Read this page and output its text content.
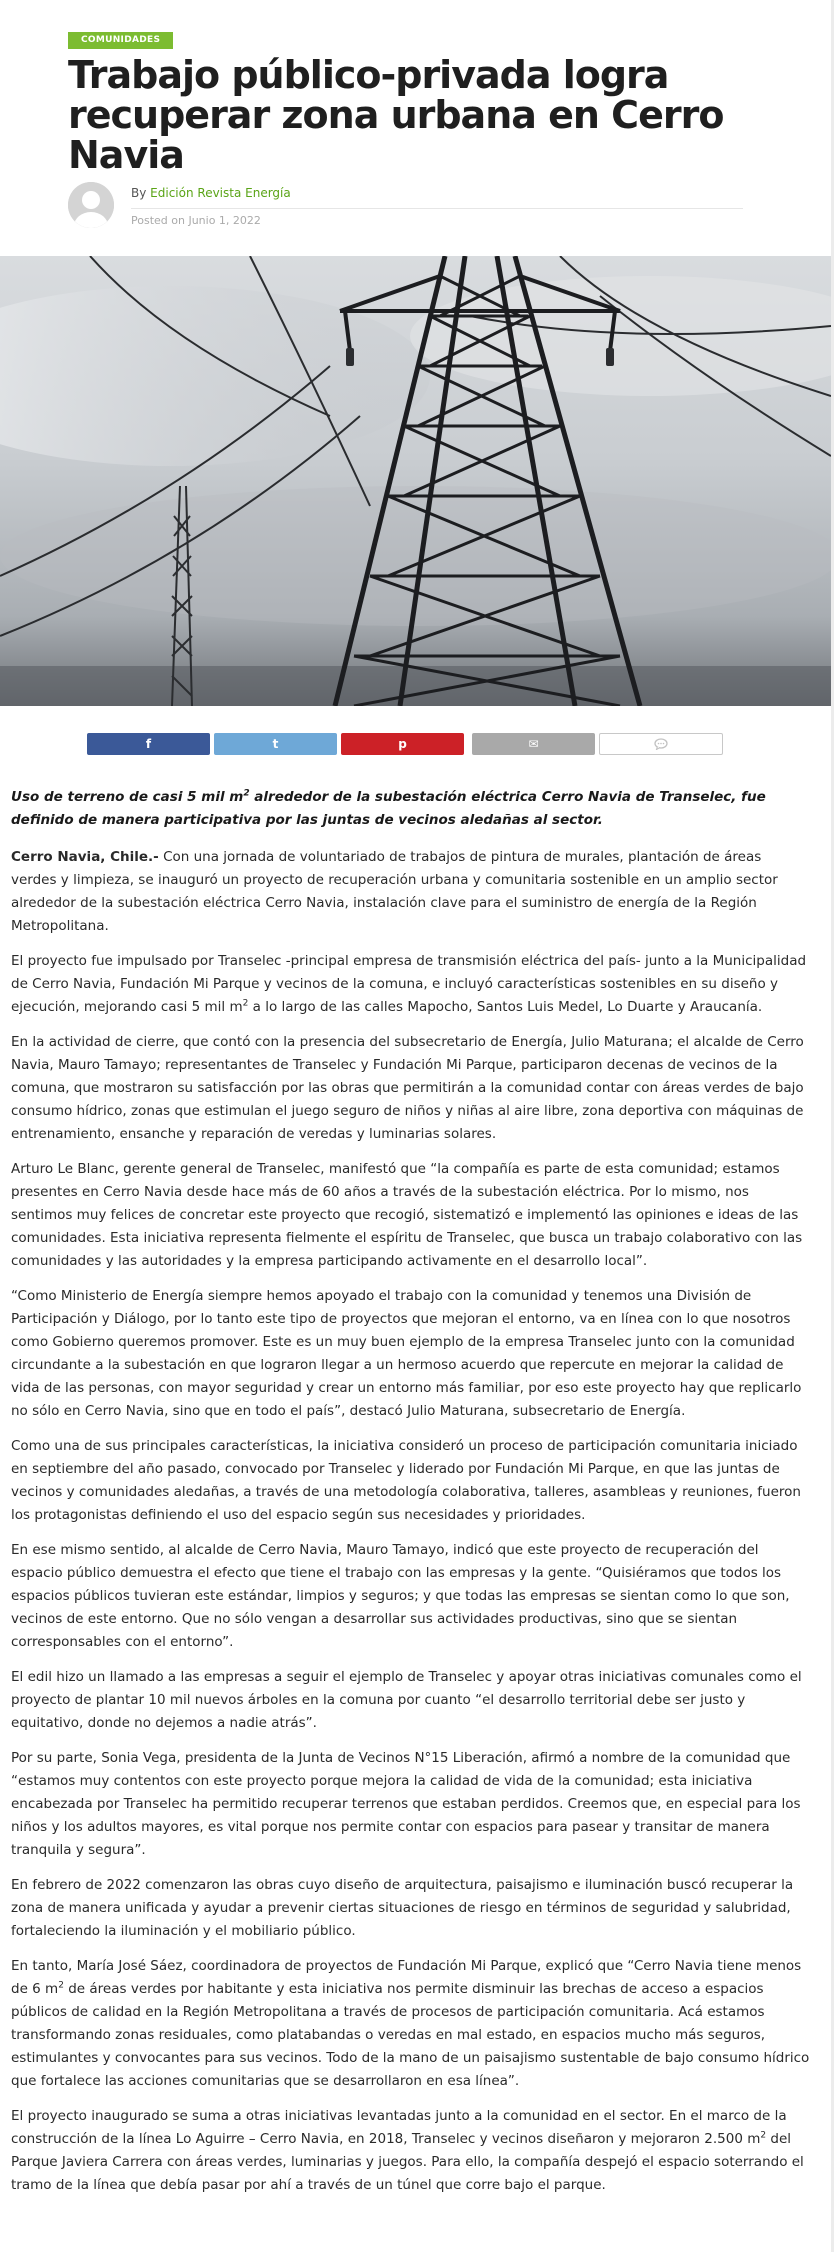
COMUNIDADES
Trabajo público-privada logra recuperar zona urbana en Cerro Navia
By Edición Revista Energía
Posted on Junio 1, 2022
f	t	p	✉

Uso de terreno de casi 5 mil $m^2$ alrededor de la subestación eléctrica Cerro Navia de Transelec, fue definido de manera participativa por las juntas de vecinos aledañas al sector.

Cerro Navia, Chile.- Con una jornada de voluntariado de trabajos de pintura de murales, plantación de áreas verdes y limpieza, se inauguró un proyecto de recuperación urbana y comunitaria sostenible en un amplio sector alrededor de la subestación eléctrica Cerro Navia, instalación clave para el suministro de energía de la Región Metropolitana.

El proyecto fue impulsado por Transelec -principal empresa de transmisión eléctrica del país- junto a la Municipalidad de Cerro Navia, Fundación Mi Parque y vecinos de la comuna, e incluyó características sostenibles en su diseño y ejecución, mejorando casi 5 mil $m^2$ a lo largo de las calles Mapocho, Santos Luis Medel, Lo Duarte y Araucanía.

En la actividad de cierre, que contó con la presencia del subsecretario de Energía, Julio Maturana; el alcalde de Cerro Navia, Mauro Tamayo; representantes de Transelec y Fundación Mi Parque, participaron decenas de vecinos de la comuna, que mostraron su satisfacción por las obras que permitirán a la comunidad contar con áreas verdes de bajo consumo hídrico, zonas que estimulan el juego seguro de niños y niñas al aire libre, zona deportiva con máquinas de entrenamiento, ensanche y reparación de veredas y luminarias solares.

Arturo Le Blanc, gerente general de Transelec, manifestó que “la compañía es parte de esta comunidad; estamos presentes en Cerro Navia desde hace más de 60 años a través de la subestación eléctrica. Por lo mismo, nos sentimos muy felices de concretar este proyecto que recogió, sistematizó e implementó las opiniones e ideas de las comunidades. Esta iniciativa representa fielmente el espíritu de Transelec, que busca un trabajo colaborativo con las comunidades y las autoridades y la empresa participando activamente en el desarrollo local”.

“Como Ministerio de Energía siempre hemos apoyado el trabajo con la comunidad y tenemos una División de Participación y Diálogo, por lo tanto este tipo de proyectos que mejoran el entorno, va en línea con lo que nosotros como Gobierno queremos promover. Este es un muy buen ejemplo de la empresa Transelec junto con la comunidad circundante a la subestación en que lograron llegar a un hermoso acuerdo que repercute en mejorar la calidad de vida de las personas, con mayor seguridad y crear un entorno más familiar, por eso este proyecto hay que replicarlo no sólo en Cerro Navia, sino que en todo el país”, destacó Julio Maturana, subsecretario de Energía.

Como una de sus principales características, la iniciativa consideró un proceso de participación comunitaria iniciado en septiembre del año pasado, convocado por Transelec y liderado por Fundación Mi Parque, en que las juntas de vecinos y comunidades aledañas, a través de una metodología colaborativa, talleres, asambleas y reuniones, fueron los protagonistas definiendo el uso del espacio según sus necesidades y prioridades.

En ese mismo sentido, al alcalde de Cerro Navia, Mauro Tamayo, indicó que este proyecto de recuperación del espacio público demuestra el efecto que tiene el trabajo con las empresas y la gente. “Quisiéramos que todos los espacios públicos tuvieran este estándar, limpios y seguros; y que todas las empresas se sientan como lo que son, vecinos de este entorno. Que no sólo vengan a desarrollar sus actividades productivas, sino que se sientan corresponsables con el entorno”.

El edil hizo un llamado a las empresas a seguir el ejemplo de Transelec y apoyar otras iniciativas comunales como el proyecto de plantar 10 mil nuevos árboles en la comuna por cuanto “el desarrollo territorial debe ser justo y equitativo, donde no dejemos a nadie atrás”.

Por su parte, Sonia Vega, presidenta de la Junta de Vecinos N°15 Liberación, afirmó a nombre de la comunidad que “estamos muy contentos con este proyecto porque mejora la calidad de vida de la comunidad; esta iniciativa encabezada por Transelec ha permitido recuperar terrenos que estaban perdidos. Creemos que, en especial para los niños y los adultos mayores, es vital porque nos permite contar con espacios para pasear y transitar de manera tranquila y segura”.

En febrero de 2022 comenzaron las obras cuyo diseño de arquitectura, paisajismo e iluminación buscó recuperar la zona de manera unificada y ayudar a prevenir ciertas situaciones de riesgo en términos de seguridad y salubridad, fortaleciendo la iluminación y el mobiliario público.

En tanto, María José Sáez, coordinadora de proyectos de Fundación Mi Parque, explicó que “Cerro Navia tiene menos de 6 $m^2$ de áreas verdes por habitante y esta iniciativa nos permite disminuir las brechas de acceso a espacios públicos de calidad en la Región Metropolitana a través de procesos de participación comunitaria. Acá estamos transformando zonas residuales, como platabandas o veredas en mal estado, en espacios mucho más seguros, estimulantes y convocantes para sus vecinos. Todo de la mano de un paisajismo sustentable de bajo consumo hídrico que fortalece las acciones comunitarias que se desarrollaron en esa línea”.

El proyecto inaugurado se suma a otras iniciativas levantadas junto a la comunidad en el sector. En el marco de la construcción de la línea Lo Aguirre – Cerro Navia, en 2018, Transelec y vecinos diseñaron y mejoraron 2.500 $m^2$ del Parque Javiera Carrera con áreas verdes, luminarias y juegos. Para ello, la compañía despejó el espacio soterrando el tramo de la línea que debía pasar por ahí a través de un túnel que corre bajo el parque.
